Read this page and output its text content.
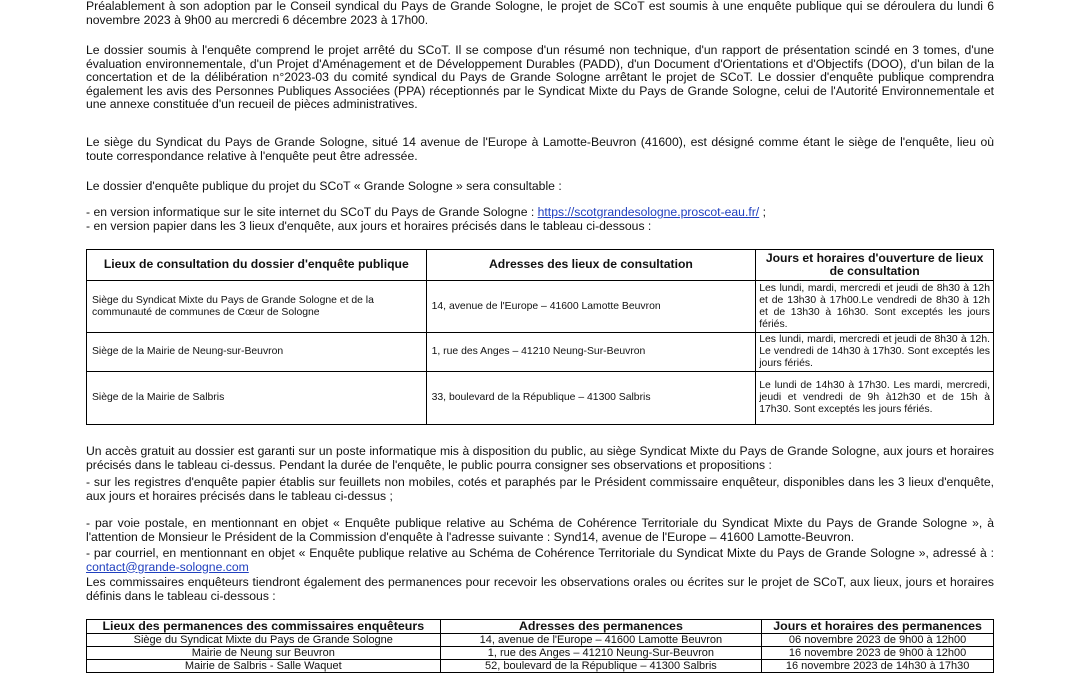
Préalablement à son adoption par le Conseil syndical du Pays de Grande Sologne, le projet de SCoT est soumis à une enquête publique qui se déroulera du lundi 6 novembre 2023 à 9h00 au mercredi 6 décembre 2023 à 17h00.

Le dossier soumis à l'enquête comprend le projet arrêté du SCoT. Il se compose d'un résumé non technique, d'un rapport de présentation scindé en 3 tomes, d'une évaluation environnementale, d'un Projet d'Aménagement et de Développement Durables (PADD), d'un Document d'Orientations et d'Objectifs (DOO), d'un bilan de la concertation et de la délibération n°2023-03 du comité syndical du Pays de Grande Sologne arrêtant le projet de SCoT. Le dossier d'enquête publique comprendra également les avis des Personnes Publiques Associées (PPA) réceptionnés par le Syndicat Mixte du Pays de Grande Sologne, celui de l'Autorité Environnementale et une annexe constituée d'un recueil de pièces administratives.

Le siège du Syndicat du Pays de Grande Sologne, situé 14 avenue de l'Europe à Lamotte-Beuvron (41600), est désigné comme étant le siège de l'enquête, lieu où toute correspondance relative à l'enquête peut être adressée.

Le dossier d'enquête publique du projet du SCoT « Grande Sologne » sera consultable :

- en version informatique sur le site internet du SCoT du Pays de Grande Sologne : https://scotgrandesologne.proscot-eau.fr/ ;

- en version papier dans les 3 lieux d'enquête, aux jours et horaires précisés dans le tableau ci-dessous :

Lieux de consultation du dossier d'enquête publique	Adresses des lieux de consultation	Jours et horaires d'ouverture de lieux de consultation
Siège du Syndicat Mixte du Pays de Grande Sologne et de la communauté de communes de Cœur de Sologne	14, avenue de l'Europe – 41600 Lamotte Beuvron	Les lundi, mardi, mercredi et jeudi de 8h30 à 12h et de 13h30 à 17h00.Le vendredi de 8h30 à 12h et de 13h30 à 16h30. Sont exceptés les jours fériés.
Siège de la Mairie de Neung-sur-Beuvron	1, rue des Anges – 41210 Neung-Sur-Beuvron	Les lundi, mardi, mercredi et jeudi de 8h30 à 12h. Le vendredi de 14h30 à 17h30. Sont exceptés les jours fériés.
Siège de la Mairie de Salbris	33, boulevard de la République – 41300 Salbris	Le lundi de 14h30 à 17h30. Les mardi, mercredi, jeudi et vendredi de 9h à12h30 et de 15h à 17h30. Sont exceptés les jours fériés.

Un accès gratuit au dossier est garanti sur un poste informatique mis à disposition du public, au siège Syndicat Mixte du Pays de Grande Sologne, aux jours et horaires précisés dans le tableau ci-dessus. Pendant la durée de l'enquête, le public pourra consigner ses observations et propositions :

- sur les registres d'enquête papier établis sur feuillets non mobiles, cotés et paraphés par le Président commissaire enquêteur, disponibles dans les 3 lieux d'enquête, aux jours et horaires précisés dans le tableau ci-dessus ;

- par voie postale, en mentionnant en objet « Enquête publique relative au Schéma de Cohérence Territoriale du Syndicat Mixte du Pays de Grande Sologne », à l'attention de Monsieur le Président de la Commission d'enquête à l'adresse suivante : Synd14, avenue de l'Europe – 41600 Lamotte-Beuvron.

- par courriel, en mentionnant en objet « Enquête publique relative au Schéma de Cohérence Territoriale du Syndicat Mixte du Pays de Grande Sologne », adressé à : contact@grande-sologne.com

Les commissaires enquêteurs tiendront également des permanences pour recevoir les observations orales ou écrites sur le projet de SCoT, aux lieux, jours et horaires définis dans le tableau ci-dessous :

Lieux des permanences des commissaires enquêteurs	Adresses des permanences	Jours et horaires des permanences
Siège du Syndicat Mixte du Pays de Grande Sologne	14, avenue de l'Europe – 41600 Lamotte Beuvron	06 novembre 2023 de 9h00 à 12h00
Mairie de Neung sur Beuvron	1, rue des Anges – 41210 Neung-Sur-Beuvron	16 novembre 2023 de 9h00 à 12h00
Mairie de Salbris - Salle Waquet	52, boulevard de la République – 41300 Salbris	16 novembre 2023 de 14h30 à 17h30
